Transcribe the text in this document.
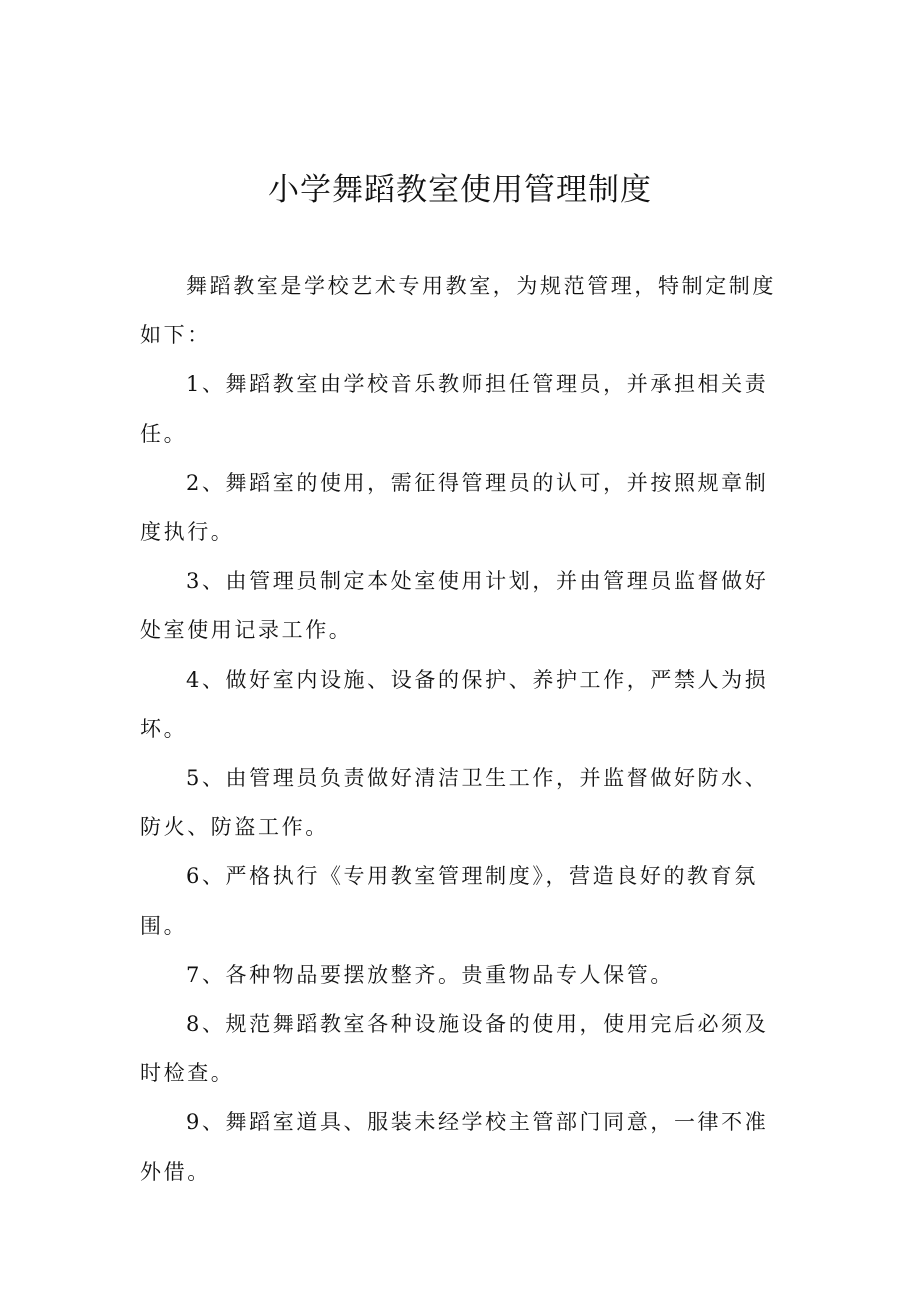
小学舞蹈教室使用管理制度

舞蹈教室是学校艺术专用教室，为规范管理，特制定制度如下：

1、舞蹈教室由学校音乐教师担任管理员，并承担相关责任。

2、舞蹈室的使用，需征得管理员的认可，并按照规章制度执行。

3、由管理员制定本处室使用计划，并由管理员监督做好处室使用记录工作。

4、做好室内设施、设备的保护、养护工作，严禁人为损坏。

5、由管理员负责做好清洁卫生工作，并监督做好防水、防火、防盗工作。

6、严格执行《专用教室管理制度》，营造良好的教育氛围。

7、各种物品要摆放整齐。贵重物品专人保管。

8、规范舞蹈教室各种设施设备的使用，使用完后必须及时检查。

9、舞蹈室道具、服装未经学校主管部门同意，一律不准外借。
